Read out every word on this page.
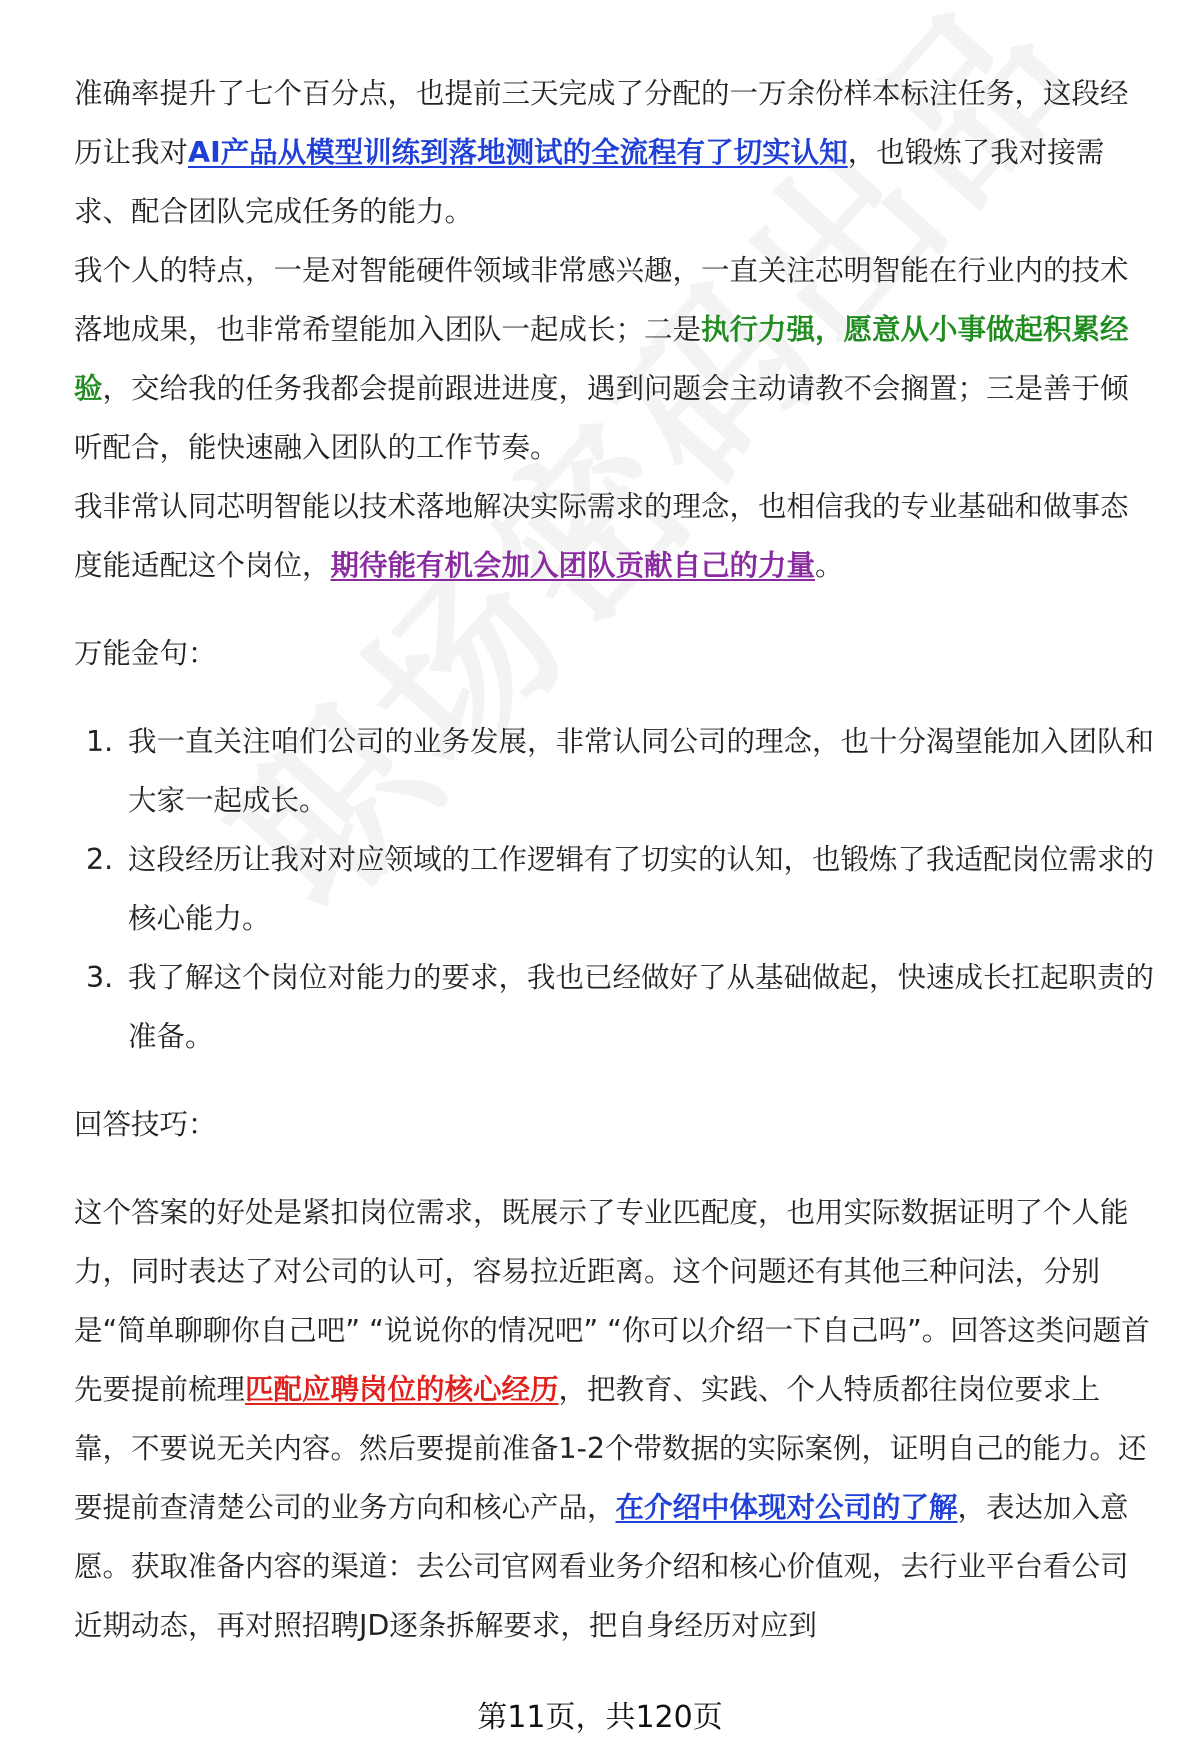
准确率提升了七个百分点，也提前三天完成了分配的一万余份样本标注任务，这段经历让我对AI产品从模型训练到落地测试的全流程有了切实认知，也锻炼了我对接需求、配合团队完成任务的能力。

我个人的特点，一是对智能硬件领域非常感兴趣，一直关注芯明智能在行业内的技术落地成果，也非常希望能加入团队一起成长；二是执行力强，愿意从小事做起积累经验，交给我的任务我都会提前跟进进度，遇到问题会主动请教不会搁置；三是善于倾听配合，能快速融入团队的工作节奏。

我非常认同芯明智能以技术落地解决实际需求的理念，也相信我的专业基础和做事态度能适配这个岗位，期待能有机会加入团队贡献自己的力量。

万能金句：

1. 我一直关注咱们公司的业务发展，非常认同公司的理念，也十分渴望能加入团队和大家一起成长。
2. 这段经历让我对对应领域的工作逻辑有了切实的认知，也锻炼了我适配岗位需求的核心能力。
3. 我了解这个岗位对能力的要求，我也已经做好了从基础做起，快速成长扛起职责的准备。

回答技巧：

这个答案的好处是紧扣岗位需求，既展示了专业匹配度，也用实际数据证明了个人能力，同时表达了对公司的认可，容易拉近距离。这个问题还有其他三种问法，分别是“简单聊聊你自己吧” “说说你的情况吧” “你可以介绍一下自己吗”。回答这类问题首先要提前梳理匹配应聘岗位的核心经历，把教育、实践、个人特质都往岗位要求上靠，不要说无关内容。然后要提前准备1-2个带数据的实际案例，证明自己的能力。还要提前查清楚公司的业务方向和核心产品，在介绍中体现对公司的了解，表达加入意愿。获取准备内容的渠道：去公司官网看业务介绍和核心价值观，去行业平台看公司近期动态，再对照招聘JD逐条拆解要求，把自身经历对应到

第11页，共120页
